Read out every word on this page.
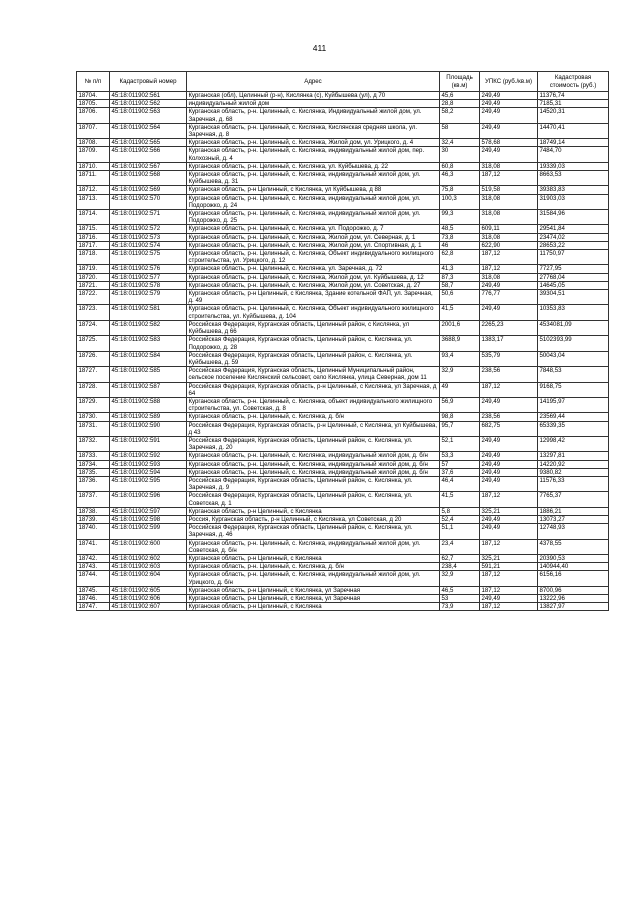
411
№ п/п	Кадастровый номер	Адрес	Площадь (кв.м)	УПКС (руб./кв.м)	Кадастровая стоимость (руб.)
18704.	45:18:011902:561	Курганская (обл), Целинный (р-н), Кислянка (с), Куйбышева (ул), д 70	45,6	249,49	11376,74
18705.	45:18:011902:562	индивидуальный жилой дом	28,8	249,49	7185,31
18706.	45:18:011902:563	Курганская область, р-н. Целинный, с. Кислянка, Индивидуальный жилой дом, ул. Заречная, д. 68	58,2	249,49	14520,31
18707.	45:18:011902:564	Курганская область, р-н. Целинный, с. Кислянка, Кислянская средняя школа, ул. Заречная, д. 8	58	249,49	14470,41
18708.	45:18:011902:565	Курганская область, р-н. Целинный, с. Кислянка, Жилой дом, ул. Урицкого, д. 4	32,4	578,68	18749,14
18709.	45:18:011902:566	Курганская область, р-н. Целинный, с. Кислянка, индивидуальный жилой дом, пер. Колхозный, д. 4	30	249,49	7484,70
18710.	45:18:011902:567	Курганская область, р-н. Целинный, с. Кислянка, ул. Куйбышева, д. 22	60,8	318,08	19339,03
18711.	45:18:011902:568	Курганская область, р-н. Целинный, с. Кислянка, индивидуальный жилой дом, ул. Куйбышева, д. 31	46,3	187,12	8663,53
18712.	45:18:011902:569	Курганская область, р-н Целинный, с Кислянка, ул Куйбышева, д 88	75,8	519,58	39383,83
18713.	45:18:011902:570	Курганская область, р-н. Целинный, с. Кислянка, индивидуальный жилой дом, ул. Подорожко, д. 24	100,3	318,08	31903,03
18714.	45:18:011902:571	Курганская область, р-н. Целинный, с. Кислянка, индивидуальный жилой дом, ул. Подорожко, д. 25	99,3	318,08	31584,96
18715.	45:18:011902:572	Курганская область, р-н. Целинный, с. Кислянка, ул. Подорожко, д. 7	48,5	609,11	29541,84
18716.	45:18:011902:573	Курганская область, р-н. Целинный, с. Кислянка, Жилой дом, ул. Северная, д. 1	73,8	318,08	23474,02
18717.	45:18:011902:574	Курганская область, р-н. Целинный, с. Кислянка, Жилой дом, ул. Спортивная, д. 1	46	622,90	28653,22
18718.	45:18:011902:575	Курганская область, р-н. Целинный, с. Кислянка, Объект индивидуального жилищного строительства, ул. Урицкого, д. 12	62,8	187,12	11750,97
18719.	45:18:011902:576	Курганская область, р-н. Целинный, с. Кислянка, ул. Заречная, д. 72	41,3	187,12	7727,95
18720.	45:18:011902:577	Курганская область, р-н. Целинный, с. Кислянка, Жилой дом, ул. Куйбышева, д. 12	87,3	318,08	27768,04
18721.	45:18:011902:578	Курганская область, р-н. Целинный, с. Кислянка, Жилой дом, ул. Советская, д. 27	58,7	249,49	14645,05
18722.	45:18:011902:579	Курганская область, р-н Целинный, с Кислянка, Здание котельной ФАП, ул. Заречная, д. 49	50,6	776,77	39304,51
18723.	45:18:011902:581	Курганская область, р-н. Целинный, с. Кислянка, Объект индивидуального жилищного строительства, ул. Куйбышева, д. 104	41,5	249,49	10353,83
18724.	45:18:011902:582	Российская Федерация, Курганская область, Целинный район, с Кислянка, ул Куйбышева, д 66	2001,6	2265,23	4534081,09
18725.	45:18:011902:583	Российская Федерация, Курганская область, Целинный район, с. Кислянка, ул. Подорожко, д. 28	3688,9	1383,17	5102393,99
18726.	45:18:011902:584	Российская Федерация, Курганская область, Целинный район, с. Кислянка, ул. Куйбышева, д. 59	93,4	535,79	50043,04
18727.	45:18:011902:585	Российская Федерация, Курганская область, Целинный Муниципальный район, сельское поселение Кислянский сельсовет, село Кислянка, улица Северная, дом 11	32,9	238,56	7848,53
18728.	45:18:011902:587	Российская Федерация, Курганская область, р-н Целинный, с Кислянка, ул Заречная, д 64	49	187,12	9168,75
18729.	45:18:011902:588	Курганская область, р-н. Целинный, с. Кислянка, объект индивидуального жилищного строительства, ул. Советская, д. 8	56,9	249,49	14195,97
18730.	45:18:011902:589	Курганская область, р-н. Целинный, с. Кислянка, д. б/н	98,8	238,56	23569,44
18731.	45:18:011902:590	Российская Федерация, Курганская область, р-н Целинный, с Кислянка, ул Куйбышева, д 43	95,7	682,75	65339,35
18732.	45:18:011902:591	Российская Федерация, Курганская область, Целинный район, с. Кислянка, ул. Заречная, д. 20	52,1	249,49	12998,42
18733.	45:18:011902:592	Курганская область, р-н. Целинный, с. Кислянка, индивидуальный жилой дом, д. б/н	53,3	249,49	13297,81
18734.	45:18:011902:593	Курганская область, р-н. Целинный, с. Кислянка, индивидуальный жилой дом, д. б/н	57	249,49	14220,92
18735.	45:18:011902:594	Курганская область, р-н. Целинный, с. Кислянка, индивидуальный жилой дом, д. б/н	37,6	249,49	9380,82
18736.	45:18:011902:595	Российская Федерация, Курганская область, Целинный район, с. Кислянка, ул. Заречная, д. 9	46,4	249,49	11576,33
18737.	45:18:011902:596	Российская Федерация, Курганская область, Целинный район, с. Кислянка, ул. Советская, д. 1	41,5	187,12	7765,37
18738.	45:18:011902:597	Курганская область, р-н Целинный, с Кислянка	5,8	325,21	1886,21
18739.	45:18:011902:598	Россия, Курганская область, р-н Целинный, с Кислянка, ул Советская, д 20	52,4	249,49	13073,27
18740.	45:18:011902:599	Российская Федерация, Курганская область, Целинный район, с. Кислянка, ул. Заречная, д. 46	51,1	249,49	12748,93
18741.	45:18:011902:600	Курганская область, р-н. Целинный, с. Кислянка, индивидуальный жилой дом, ул. Советская, д. б/н	23,4	187,12	4378,55
18742.	45:18:011902:602	Курганская область, р-н Целинный, с Кислянка	62,7	325,21	20390,53
18743.	45:18:011902:603	Курганская область, р-н. Целинный, с. Кислянка, д. б/н	238,4	591,21	140944,40
18744.	45:18:011902:604	Курганская область, р-н. Целинный, с. Кислянка, индивидуальный жилой дом, ул. Урицкого, д. б/н	32,9	187,12	6156,16
18745.	45:18:011902:605	Курганская область, р-н Целинный, с Кислянка, ул Заречная	46,5	187,12	8700,96
18746.	45:18:011902:606	Курганская область, р-н Целинный, с Кислянка, ул Заречная	53	249,49	13222,96
18747.	45:18:011902:607	Курганская область, р-н Целинный, с Кислянка	73,9	187,12	13827,97
